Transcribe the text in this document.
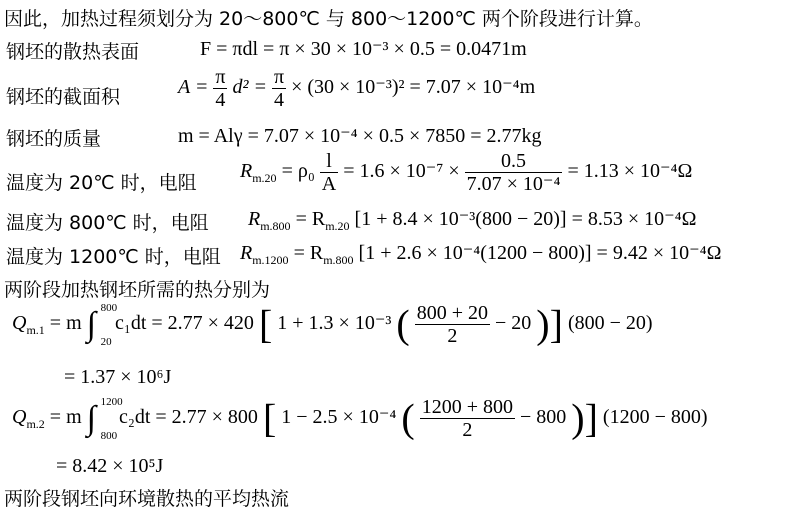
因此，加热过程须划分为 20～800℃ 与 800～1200℃ 两个阶段进行计算。
钢坯的散热表面	F = πdl = π × 30 × 10⁻³ × 0.5 = 0.0471m
钢坯的截面积	$A = \frac{\pi}{4} d^2 = \frac{\pi}{4} \times (30 \times 10^{-3})^2 = 7.07 \times 10^{-4}m$
钢坯的质量	m = Alγ = 7.07 × 10⁻⁴ × 0.5 × 7850 = 2.77kg
温度为 20℃ 时，电阻
$R_{m.20} = \rho_0 \frac{l}{A} = 1.6 \times 10^{-7} \times \frac{0.5}{\text{7.07 × 10⁻⁴}} = 1.13 \times 10^{-4}\Omega$
温度为 800℃ 时，电阻 $R_{m.800} = R_{m.20}$ [1 + 8.4 × 10⁻³(800 − 20)] = 8.53 × 10⁻⁴Ω
温度为 1200℃ 时，电阻 $R_{m.1200} = R_{m.800}$ [1 + 2.6 × 10⁻⁴(1200 − 800)] = 9.42 × 10⁻⁴Ω
两阶段加热钢坯所需的热分别为
$Q_{m.1} = m$ ∫ 800
20
c₁dt = 2.77 × 420 [ 1 + 1.3 × 10⁻³ ( $\frac{800 + 20}{2} - 20$ )] (800 − 20)
= 1.37 × 10⁶J
$Q_{m.2} = m$ ∫ 1200
800
c₂dt = 2.77 × 800 [ 1 − 2.5 × 10⁻⁴ ( $\frac{1200 + 800}{2} - 800$ )] (1200 − 800)
= 8.42 × 10⁵J
两阶段钢坯向环境散热的平均热流
